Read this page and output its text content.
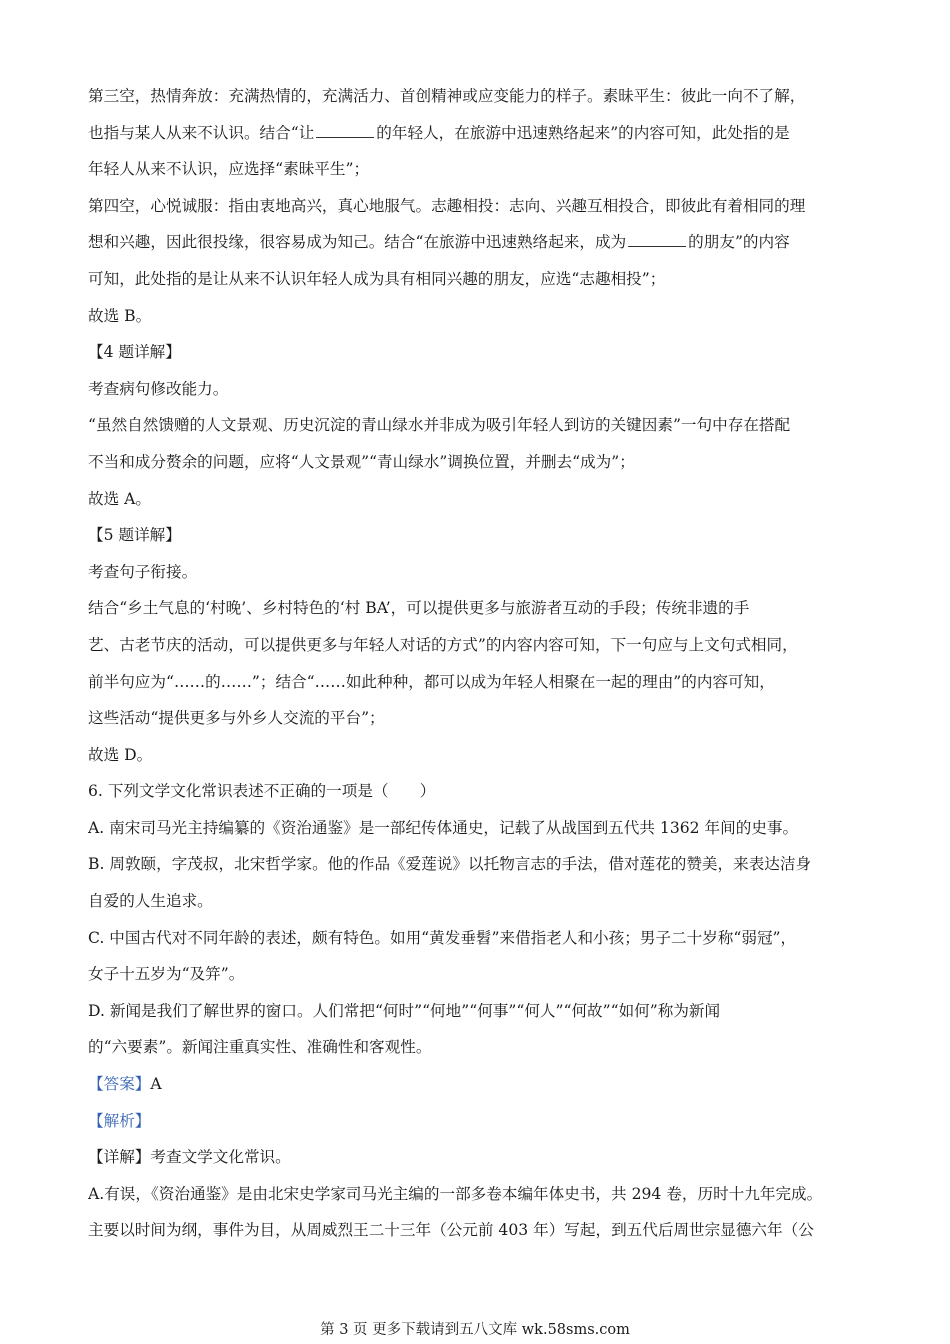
第三空，热情奔放：充满热情的，充满活力、首创精神或应变能力的样子。素昧平生：彼此一向不了解，
也指与某人从来不认识。结合“让	的年轻人，在旅游中迅速熟络起来”的内容可知，此处指的是
年轻人从来不认识，应选择“素昧平生”；
第四空，心悦诚服：指由衷地高兴，真心地服气。志趣相投：志向、兴趣互相投合，即彼此有着相同的理
想和兴趣，因此很投缘，很容易成为知己。结合“在旅游中迅速熟络起来，成为	的朋友”的内容
可知，此处指的是让从来不认识年轻人成为具有相同兴趣的朋友，应选“志趣相投”；
故选 B。
【4 题详解】
考查病句修改能力。
“虽然自然馈赠的人文景观、历史沉淀的青山绿水并非成为吸引年轻人到访的关键因素”一句中存在搭配
不当和成分赘余的问题，应将“人文景观”“青山绿水”调换位置，并删去“成为”；
故选 A。
【5 题详解】
考查句子衔接。
结合“乡土气息的‘村晚’、乡村特色的‘村 BA’，可以提供更多与旅游者互动的手段；传统非遗的手
艺、古老节庆的活动，可以提供更多与年轻人对话的方式”的内容内容可知，下一句应与上文句式相同，
前半句应为“……的……”；结合“……如此种种，都可以成为年轻人相聚在一起的理由”的内容可知，
这些活动“提供更多与外乡人交流的平台”；
故选 D。
6. 下列文学文化常识表述不正确的一项是（　　）
A. 南宋司马光主持编纂的《资治通鉴》是一部纪传体通史，记载了从战国到五代共 1362 年间的史事。
B. 周敦颐，字茂叔，北宋哲学家。他的作品《爱莲说》以托物言志的手法，借对莲花的赞美，来表达洁身
自爱的人生追求。
C. 中国古代对不同年龄的表述，颇有特色。如用“黄发垂髫”来借指老人和小孩；男子二十岁称“弱冠”，
女子十五岁为“及笄”。
D. 新闻是我们了解世界的窗口。人们常把“何时”“何地”“何事”“何人”“何故”“如何”称为新闻
的“六要素”。新闻注重真实性、准确性和客观性。
【答案】A
【解析】
【详解】考查文学文化常识。
A.有误，《资治通鉴》是由北宋史学家司马光主编的一部多卷本编年体史书，共 294 卷，历时十九年完成。
主要以时间为纲，事件为目，从周威烈王二十三年（公元前 403 年）写起，到五代后周世宗显德六年（公
第 3 页 更多下载请到五八文库 wk.58sms.com
